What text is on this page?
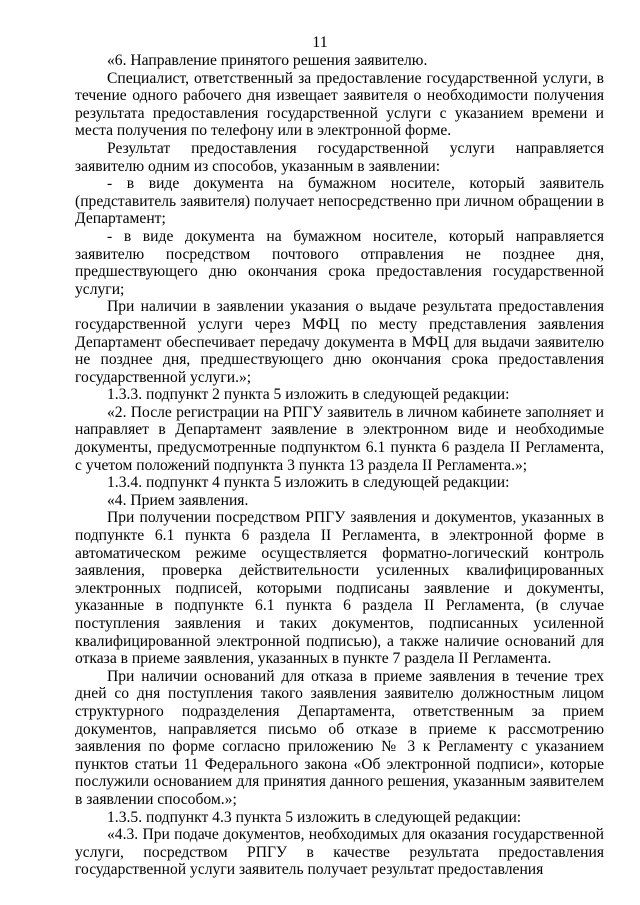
11

«6. Направление принятого решения заявителю.

Специалист, ответственный за предоставление государственной услуги, в течение одного рабочего дня извещает заявителя о необходимости получения результата предоставления государственной услуги с указанием времени и места получения по телефону или в электронной форме.

Результат предоставления государственной услуги направляется заявителю одним из способов, указанным в заявлении:

- в виде документа на бумажном носителе, который заявитель (представитель заявителя) получает непосредственно при личном обращении в Департамент;

- в виде документа на бумажном носителе, который направляется заявителю посредством почтового отправления не позднее дня, предшествующего дню окончания срока предоставления государственной услуги;

При наличии в заявлении указания о выдаче результата предоставления государственной услуги через МФЦ по месту представления заявления Департамент обеспечивает передачу документа в МФЦ для выдачи заявителю не позднее дня, предшествующего дню окончания срока предоставления государственной услуги.»;

1.3.3. подпункт 2 пункта 5 изложить в следующей редакции:

«2. После регистрации на РПГУ заявитель в личном кабинете заполняет и направляет в Департамент заявление в электронном виде и необходимые документы, предусмотренные подпунктом 6.1 пункта 6 раздела II Регламента, с учетом положений подпункта 3 пункта 13 раздела II Регламента.»;

1.3.4. подпункт 4 пункта 5 изложить в следующей редакции:

«4. Прием заявления.

При получении посредством РПГУ заявления и документов, указанных в подпункте 6.1 пункта 6 раздела II Регламента, в электронной форме в автоматическом режиме осуществляется форматно-логический контроль заявления, проверка действительности усиленных квалифицированных электронных подписей, которыми подписаны заявление и документы, указанные в подпункте 6.1 пункта 6 раздела II Регламента, (в случае поступления заявления и таких документов, подписанных усиленной квалифицированной электронной подписью), а также наличие оснований для отказа в приеме заявления, указанных в пункте 7 раздела II Регламента.

При наличии оснований для отказа в приеме заявления в течение трех дней со дня поступления такого заявления заявителю должностным лицом структурного подразделения Департамента, ответственным за прием документов, направляется письмо об отказе в приеме к рассмотрению заявления по форме согласно приложению № 3 к Регламенту с указанием пунктов статьи 11 Федерального закона «Об электронной подписи», которые послужили основанием для принятия данного решения, указанным заявителем в заявлении способом.»;

1.3.5. подпункт 4.3 пункта 5 изложить в следующей редакции:

«4.3. При подаче документов, необходимых для оказания государственной услуги, посредством РПГУ в качестве результата предоставления государственной услуги заявитель получает результат предоставления
